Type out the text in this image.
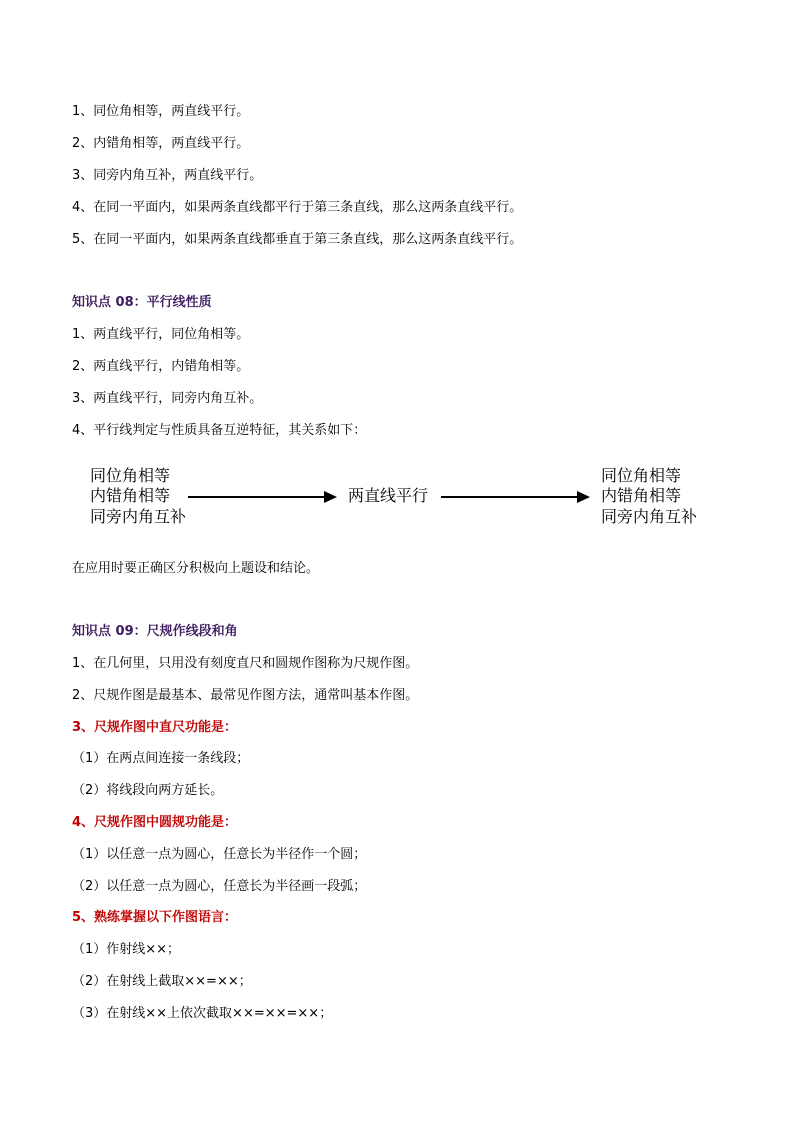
1、同位角相等，两直线平行。
2、内错角相等，两直线平行。
3、同旁内角互补，两直线平行。
4、在同一平面内，如果两条直线都平行于第三条直线，那么这两条直线平行。
5、在同一平面内，如果两条直线都垂直于第三条直线，那么这两条直线平行。
知识点 08：平行线性质
1、两直线平行，同位角相等。
2、两直线平行，内错角相等。
3、两直线平行，同旁内角互补。
4、平行线判定与性质具备互逆特征，其关系如下：
同位角相等
内错角相等
同旁内角互补
两直线平行
同位角相等
内错角相等
同旁内角互补
在应用时要正确区分积极向上题设和结论。
知识点 09：尺规作线段和角
1、在几何里，只用没有刻度直尺和圆规作图称为尺规作图。
2、尺规作图是最基本、最常见作图方法，通常叫基本作图。
3、尺规作图中直尺功能是：
（1）在两点间连接一条线段；
（2）将线段向两方延长。
4、尺规作图中圆规功能是：
（1）以任意一点为圆心，任意长为半径作一个圆；
（2）以任意一点为圆心，任意长为半径画一段弧；
5、熟练掌握以下作图语言：
（1）作射线××；
（2）在射线上截取××=××；
（3）在射线××上依次截取××=××=××；
